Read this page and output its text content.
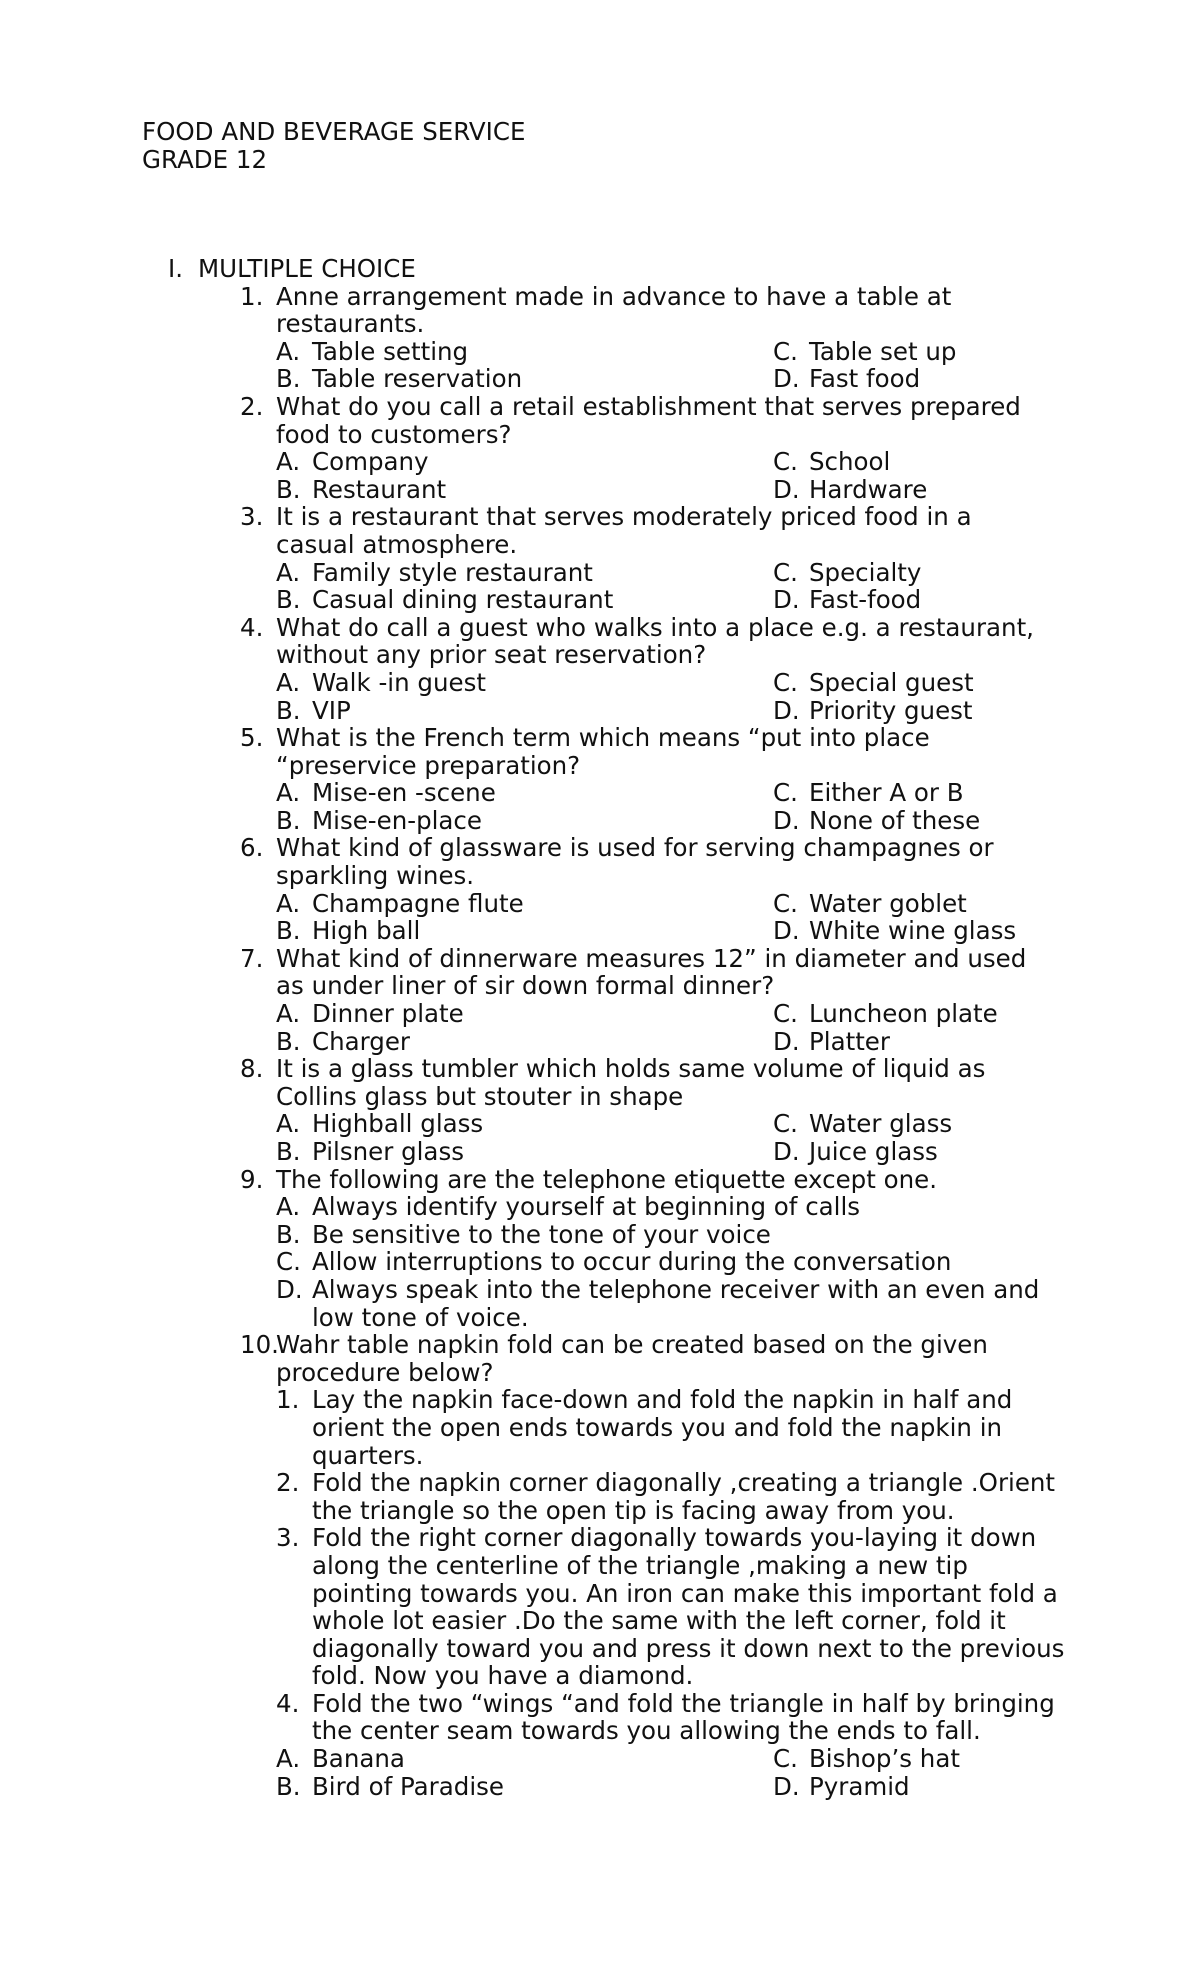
FOOD AND BEVERAGE SERVICE
GRADE 12
I. MULTIPLE CHOICE
1. Anne arrangement made in advance to have a table at restaurants.
A. Table setting
B. Table reservation
C. Table set up
D. Fast food
2. What do you call a retail establishment that serves prepared food to customers?
A. Company
B. Restaurant
C. School
D. Hardware
3. It is a restaurant that serves moderately priced food in a casual atmosphere.
A. Family style restaurant
B. Casual dining restaurant
C. Specialty
D. Fast-food
4. What do call a guest who walks into a place e.g. a restaurant, without any prior seat reservation?
A. Walk -in guest
B. VIP
C. Special guest
D. Priority guest
5. What is the French term which means “put into place “preservice preparation?
A. Mise-en -scene
B. Mise-en-place
C. Either A or B
D. None of these
6. What kind of glassware is used for serving champagnes or sparkling wines.
A. Champagne flute
B. High ball
C. Water goblet
D. White wine glass
7. What kind of dinnerware measures 12” in diameter and used as under liner of sir down formal dinner?
A. Dinner plate
B. Charger
C. Luncheon plate
D. Platter
8. It is a glass tumbler which holds same volume of liquid as Collins glass but stouter in shape
A. Highball glass
B. Pilsner glass
C. Water glass
D. Juice glass
9. The following are the telephone etiquette except one.
A. Always identify yourself at beginning of calls
B. Be sensitive to the tone of your voice
C. Allow interruptions to occur during the conversation
D. Always speak into the telephone receiver with an even and low tone of voice.
10.
Wahr table napkin fold can be created based on the given procedure below?
1. Lay the napkin face-down and fold the napkin in half and orient the open ends towards you and fold the napkin in quarters.
2. Fold the napkin corner diagonally ,creating a triangle .Orient the triangle so the open tip is facing away from you.
3. Fold the right corner diagonally towards you-laying it down along the centerline of the triangle ,making a new tip pointing towards you. An iron can make this important fold a whole lot easier .Do the same with the left corner, fold it diagonally toward you and press it down next to the previous fold. Now you have a diamond.
4. Fold the two “wings “and fold the triangle in half by bringing the center seam towards you allowing the ends to fall.
A. Banana
B. Bird of Paradise
C. Bishop’s hat
D. Pyramid
